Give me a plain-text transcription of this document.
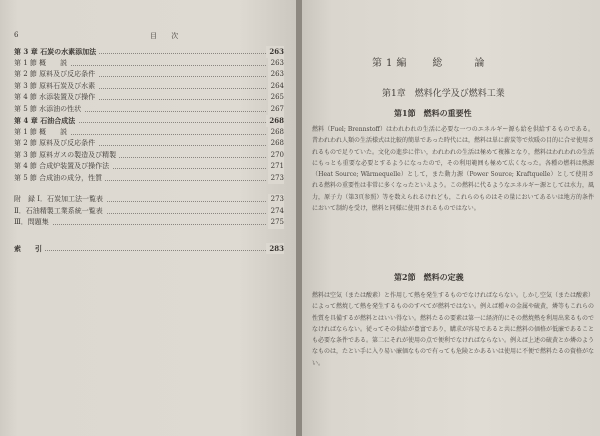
6	目 次
第 3 章 石炭の水素添加法	263
第 1 節 概　　説	263
第 2 節 原料及び反応条件	263
第 3 節 原料石炭及び水素	264
第 4 節 水添装置及び操作	265
第 5 節 水添油の性状	267
第 4 章 石油合成法	268
第 1 節 概　　説	268
第 2 節 原料及び反応条件	268
第 3 節 原料ガスの製造及び精製	270
第 4 節 合成炉装置及び操作法	271
第 5 節 合成油の成分，性質	273
附　録 Ⅰ．石炭加工法一覧表	273
Ⅱ．石油精製工業系統一覧表	274
Ⅲ．問題集	275
索　　引	283
第1編 総　　論
第1章　燃料化学及び燃料工業
第1節　燃料の重要性
燃料（Fuel; Brennstoff）はわれわれの生活に必要な一つのエネルギー源も給を供給するものである。昔われわれ人類の生活様式は比較的簡単であった時代には，燃料は単に薪炭等で炊暖の目的に合せ使用されるもので足りていた。文化の進歩に伴い，われわれの生活は極めて複雑となり，燃料はわれわれの生活にもっとも重要な必要とするようになったので，その利用範囲も極めて広くなった。各種の燃料は熱源（Heat Source; Wärmequelle）として，また動力源（Power Source; Kraftquelle）として使用される燃料の重要性は非常に多くなったといえよう。この燃料に代るようなエネルギー源としては水力，風力，原子力（第3頁参照）等を数えられるけれども，これらのものはその量においてあるいは地方的条件において制約を受け，燃料と同様に使用されるものではない。
第2節　燃料の定義
燃料は空気（または酸素）と作用して熱を発生するものでなければならない。しかし空気（または酸素）によって燃焼して熱を発生するもののすべてが燃料ではない。例えば種々の金属や硫黄，燐等もこれらの性質を具備するが燃料とはいい得ない。燃料たるの要素は第一に経済的にその燃焼熱を利用出来るものでなければならない。従ってその供給が豊富であり，購求が容易であると共に燃料の価格が低廉であることも必要な条件である。第二にそれが使用の点で便利でなければならない。例えば上述の硫黄とか燐のようなものは，たとい手に入り易い廉価なもので有っても危険とかあるいは使用に不便で燃料たるの資格がない。
